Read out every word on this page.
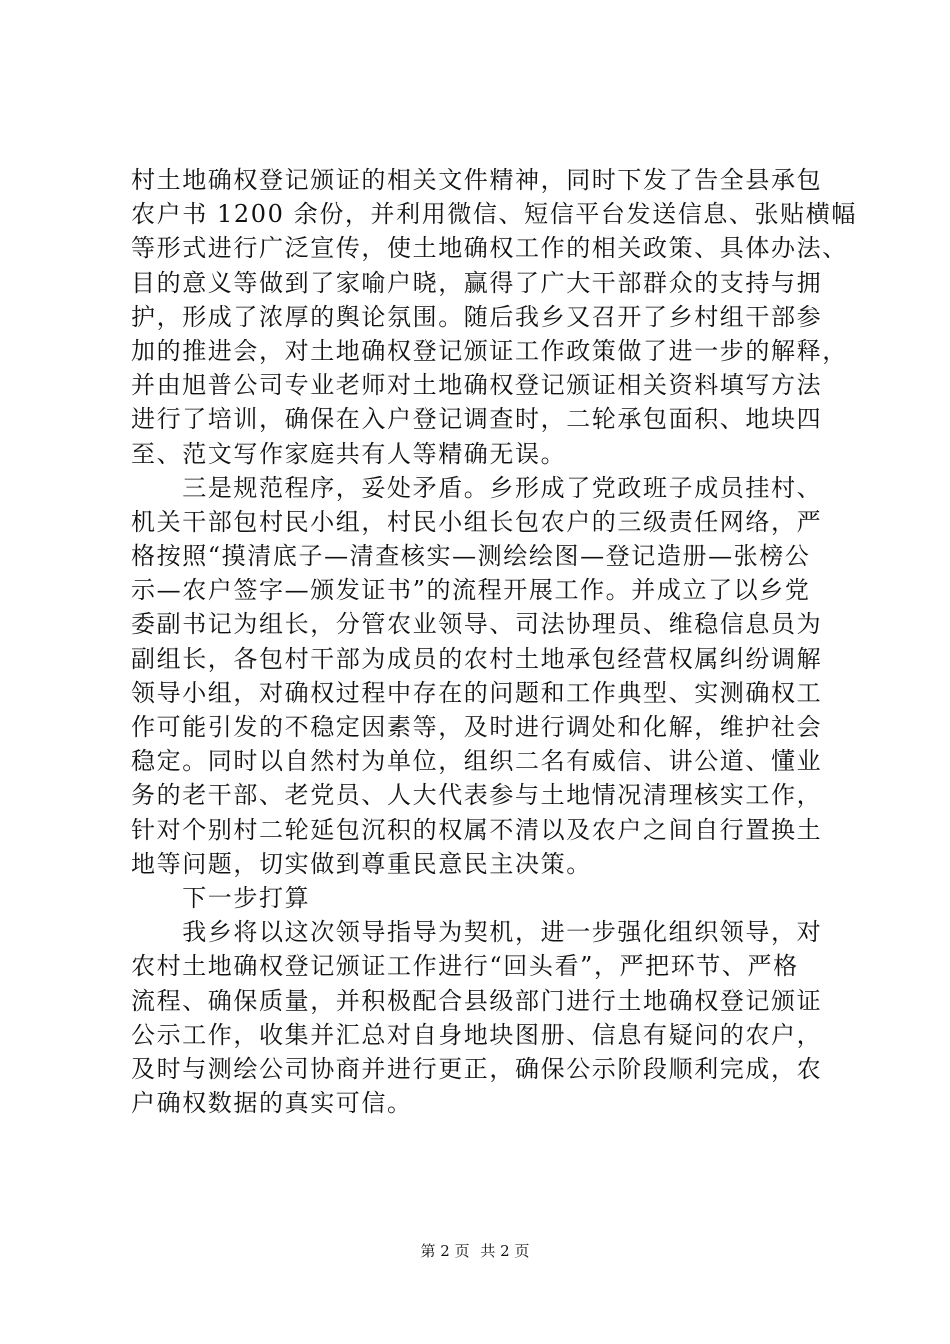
村土地确权登记颁证的相关文件精神，同时下发了告全县承包
农户书 1200 余份，并利用微信、短信平台发送信息、张贴横幅
等形式进行广泛宣传，使土地确权工作的相关政策、具体办法、
目的意义等做到了家喻户晓，赢得了广大干部群众的支持与拥
护，形成了浓厚的舆论氛围。随后我乡又召开了乡村组干部参
加的推进会，对土地确权登记颁证工作政策做了进一步的解释，
并由旭普公司专业老师对土地确权登记颁证相关资料填写方法
进行了培训，确保在入户登记调查时，二轮承包面积、地块四
至、范文写作家庭共有人等精确无误。
　　三是规范程序，妥处矛盾。乡形成了党政班子成员挂村、
机关干部包村民小组，村民小组长包农户的三级责任网络，严
格按照“摸清底子—清查核实—测绘绘图—登记造册—张榜公
示—农户签字—颁发证书”的流程开展工作。并成立了以乡党
委副书记为组长，分管农业领导、司法协理员、维稳信息员为
副组长，各包村干部为成员的农村土地承包经营权属纠纷调解
领导小组，对确权过程中存在的问题和工作典型、实测确权工
作可能引发的不稳定因素等，及时进行调处和化解，维护社会
稳定。同时以自然村为单位，组织二名有威信、讲公道、懂业
务的老干部、老党员、人大代表参与土地情况清理核实工作，
针对个别村二轮延包沉积的权属不清以及农户之间自行置换土
地等问题，切实做到尊重民意民主决策。
　　下一步打算
　　我乡将以这次领导指导为契机，进一步强化组织领导，对
农村土地确权登记颁证工作进行“回头看”，严把环节、严格
流程、确保质量，并积极配合县级部门进行土地确权登记颁证
公示工作，收集并汇总对自身地块图册、信息有疑问的农户，
及时与测绘公司协商并进行更正，确保公示阶段顺利完成，农
户确权数据的真实可信。
第 2 页 共 2 页
